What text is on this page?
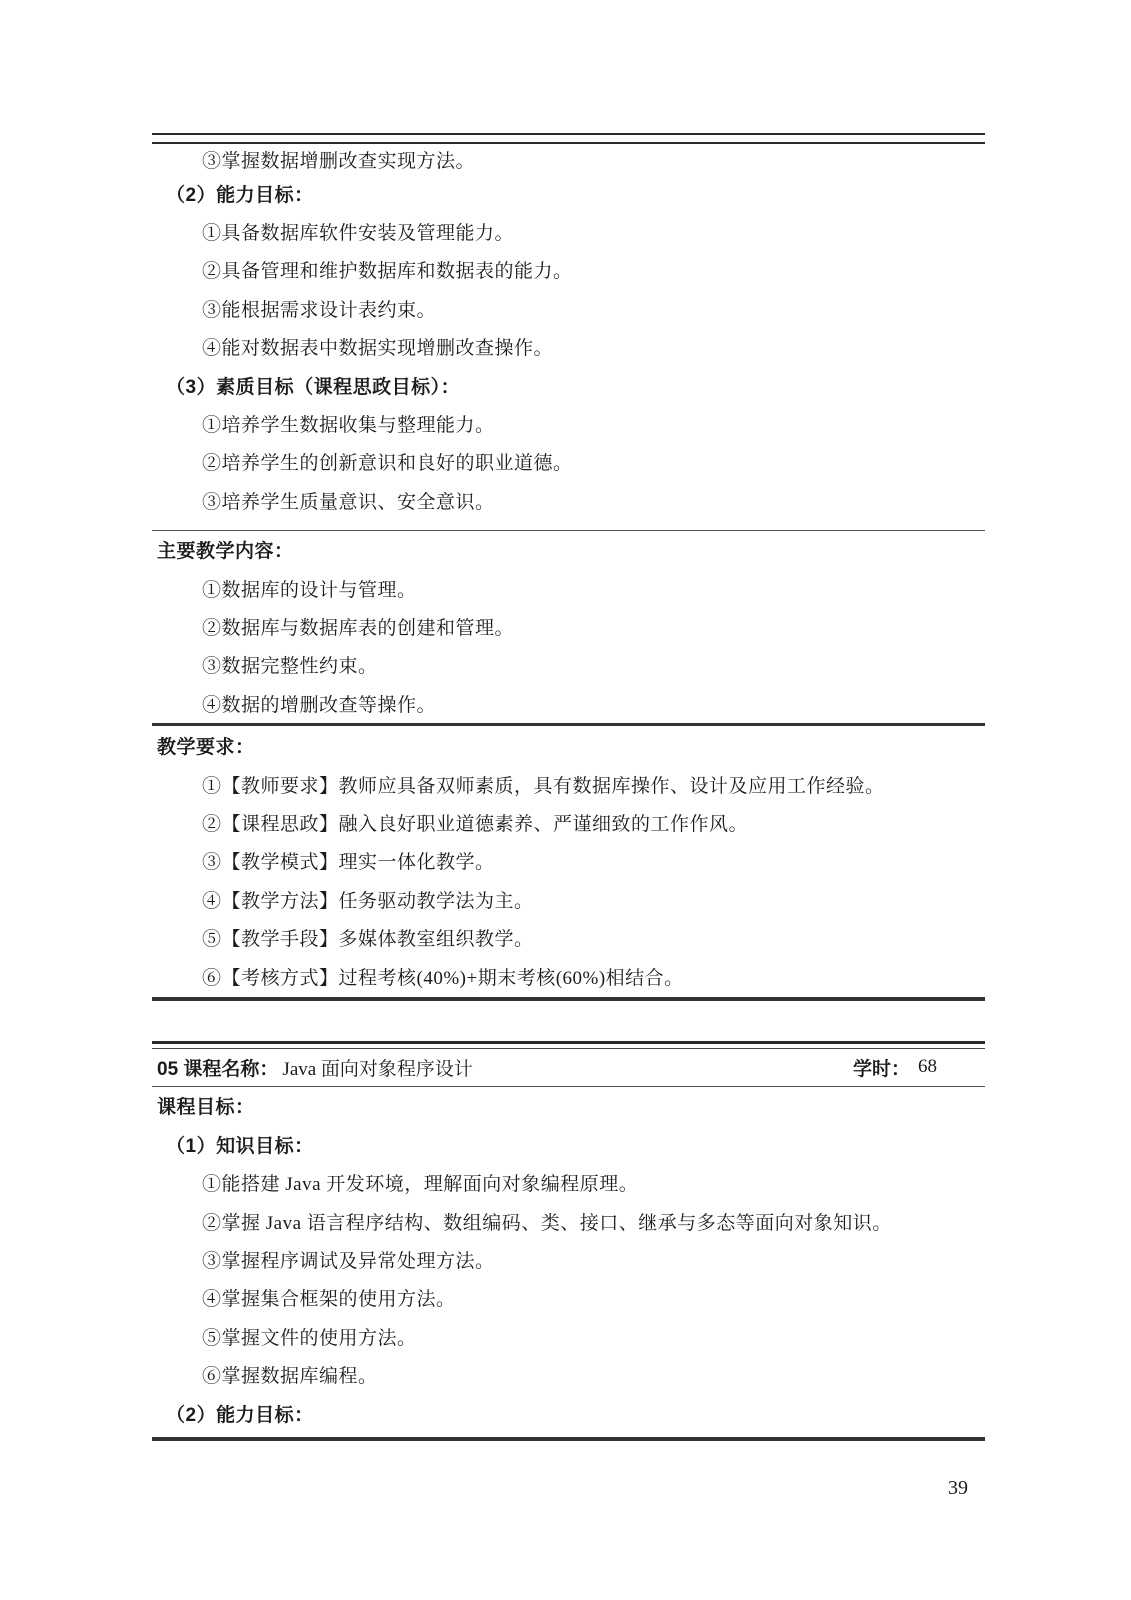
③掌握数据增删改查实现方法。
（2）能力目标：
①具备数据库软件安装及管理能力。
②具备管理和维护数据库和数据表的能力。
③能根据需求设计表约束。
④能对数据表中数据实现增删改查操作。
（3）素质目标（课程思政目标）：
①培养学生数据收集与整理能力。
②培养学生的创新意识和良好的职业道德。
③培养学生质量意识、安全意识。
主要教学内容：
①数据库的设计与管理。
②数据库与数据库表的创建和管理。
③数据完整性约束。
④数据的增删改查等操作。
教学要求：
①【教师要求】教师应具备双师素质，具有数据库操作、设计及应用工作经验。
②【课程思政】融入良好职业道德素养、严谨细致的工作作风。
③【教学模式】理实一体化教学。
④【教学方法】任务驱动教学法为主。
⑤【教学手段】多媒体教室组织教学。
⑥【考核方式】过程考核(40%)+期末考核(60%)相结合。
05 课程名称： Java 面向对象程序设计	学时： 68
课程目标：
（1）知识目标：
①能搭建 Java 开发环境，理解面向对象编程原理。
②掌握 Java 语言程序结构、数组编码、类、接口、继承与多态等面向对象知识。
③掌握程序调试及异常处理方法。
④掌握集合框架的使用方法。
⑤掌握文件的使用方法。
⑥掌握数据库编程。
（2）能力目标：
39
